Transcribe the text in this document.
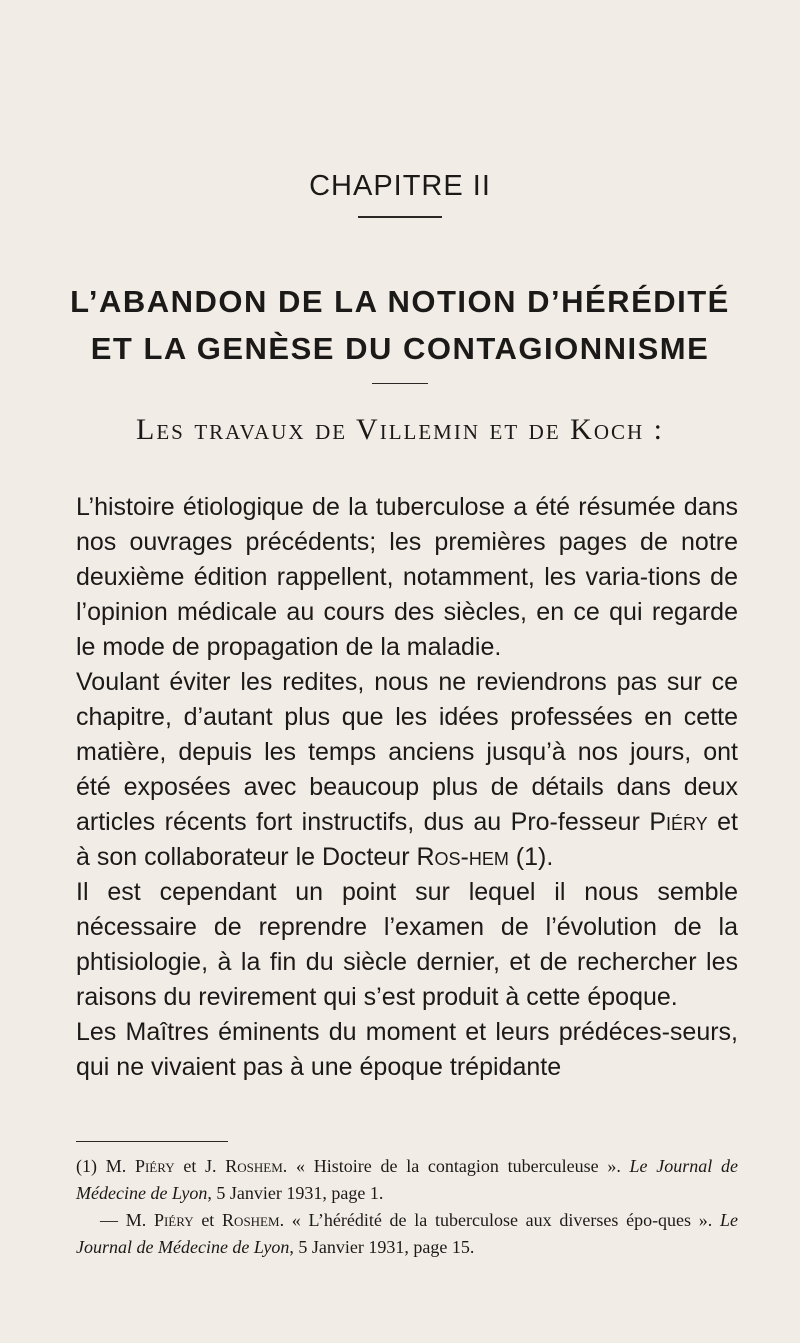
CHAPITRE II
L’ABANDON DE LA NOTION D’HÉRÉDITÉ
ET LA GENÈSE DU CONTAGIONNISME
Les travaux de Villemin et de Koch :

L’histoire étiologique de la tuberculose a été résumée dans nos ouvrages précédents; les premières pages de notre deuxième édition rappellent, notamment, les varia-tions de l’opinion médicale au cours des siècles, en ce qui regarde le mode de propagation de la maladie.

Voulant éviter les redites, nous ne reviendrons pas sur ce chapitre, d’autant plus que les idées professées en cette matière, depuis les temps anciens jusqu’à nos jours, ont été exposées avec beaucoup plus de détails dans deux articles récents fort instructifs, dus au Pro-fesseur Piéry et à son collaborateur le Docteur Ros-hem (1).

Il est cependant un point sur lequel il nous semble nécessaire de reprendre l’examen de l’évolution de la phtisiologie, à la fin du siècle dernier, et de rechercher les raisons du revirement qui s’est produit à cette époque.

Les Maîtres éminents du moment et leurs prédéces-seurs, qui ne vivaient pas à une époque trépidante

(1) M. Piéry et J. Roshem. « Histoire de la contagion tuberculeuse ». Le Journal de Médecine de Lyon, 5 Janvier 1931, page 1.

— M. Piéry et Roshem. « L’hérédité de la tuberculose aux diverses épo-ques ». Le Journal de Médecine de Lyon, 5 Janvier 1931, page 15.
